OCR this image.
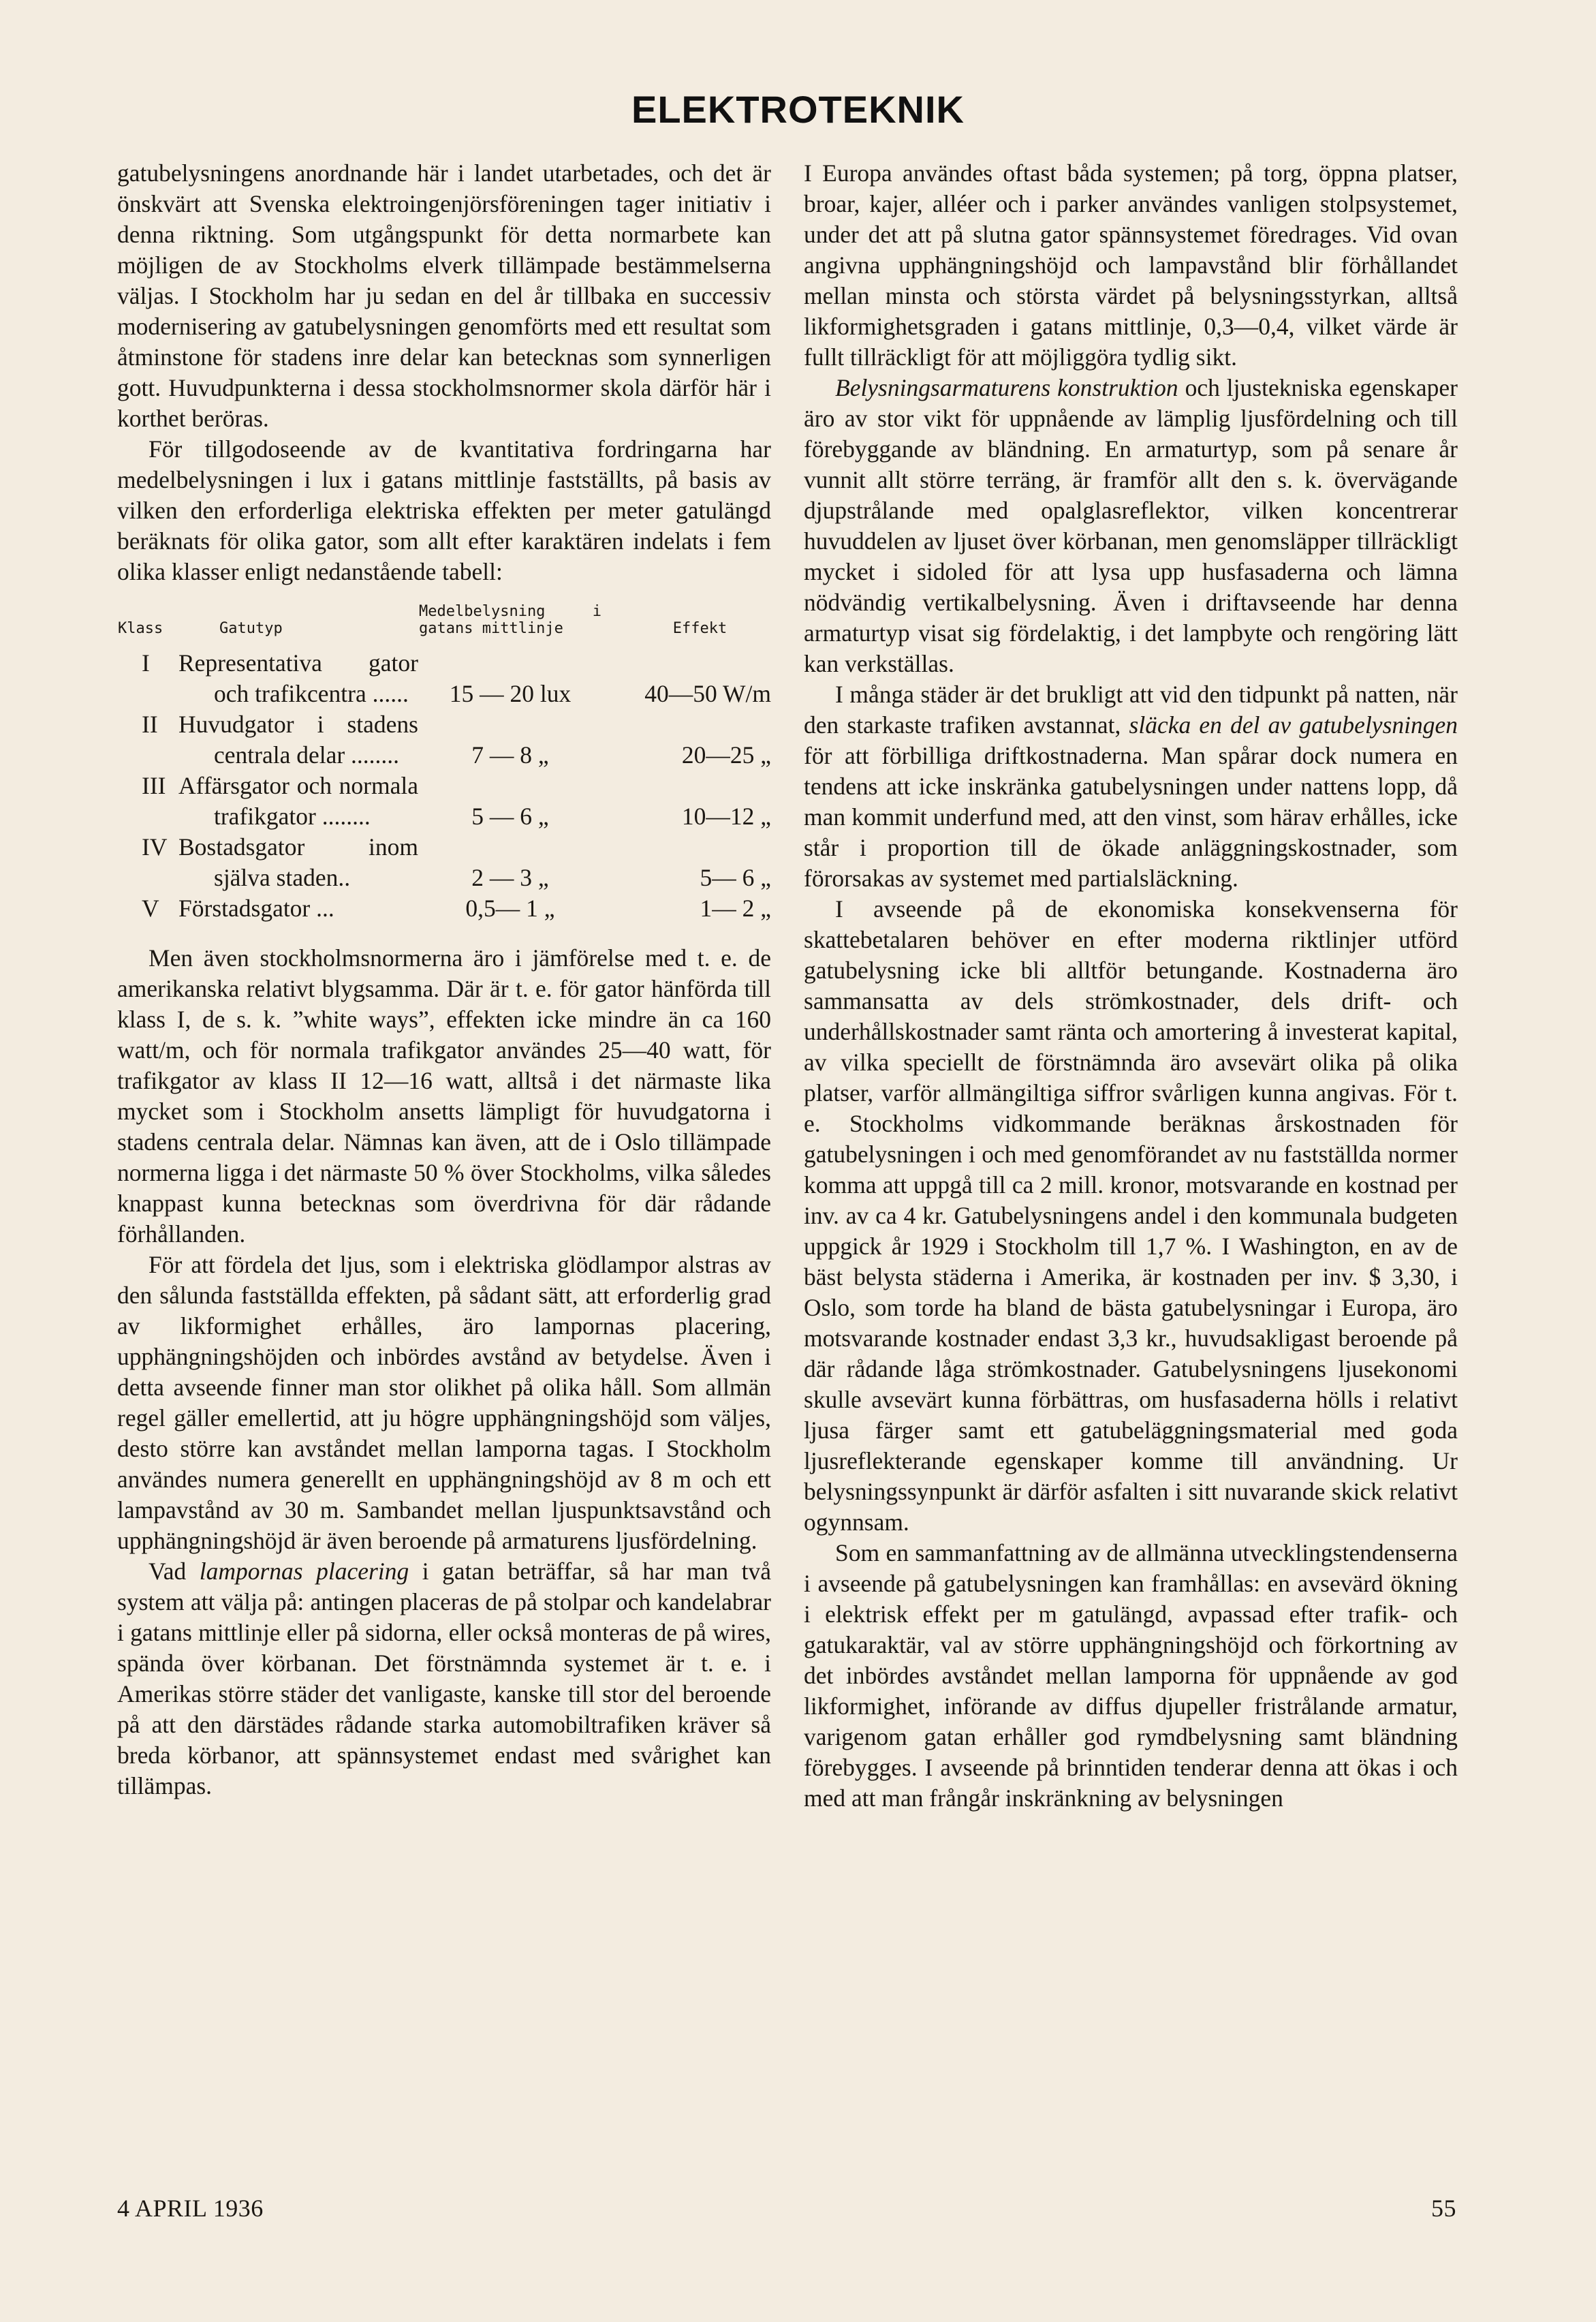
ELEKTROTEKNIK

gatubelysningens anordnande här i landet utarbetades, och det är önskvärt att Svenska elektroingenjörsföreningen tager initiativ i denna riktning. Som utgångspunkt för detta normarbete kan möjligen de av Stockholms elverk tillämpade bestämmelserna väljas. I Stockholm har ju sedan en del år tillbaka en successiv modernisering av gatubelysningen genomförts med ett resultat som åtminstone för stadens inre delar kan betecknas som synnerligen gott. Huvudpunkterna i dessa stockholmsnormer skola därför här i korthet beröras.

För tillgodoseende av de kvantitativa fordringarna har medelbelysningen i lux i gatans mittlinje fastställts, på basis av vilken den erforderliga elektriska effekten per meter gatulängd beräknats för olika gator, som allt efter karaktären indelats i fem olika klasser enligt nedanstående tabell:

Klass	Gatutyp	Medelbelysning i gatans mittlinje	Effekt
I	Representativa gator och trafikcentra ......	15 — 20 lux	40—50 W/m
II	Huvudgator i stadens centrala delar ........	7 — 8 „	20—25 „
III	Affärsgator och normala trafikgator ........	5 — 6 „	10—12 „
IV	Bostadsgator inom själva staden..	2 — 3 „	5— 6 „
V	Förstadsgator ...	0,5— 1 „	1— 2 „

Men även stockholmsnormerna äro i jämförelse med t. e. de amerikanska relativt blygsamma. Där är t. e. för gator hänförda till klass I, de s. k. ”white ways”, effekten icke mindre än ca 160 watt/m, och för normala trafikgator användes 25—40 watt, för trafikgator av klass II 12—16 watt, alltså i det närmaste lika mycket som i Stockholm ansetts lämpligt för huvudgatorna i stadens centrala delar. Nämnas kan även, att de i Oslo tillämpade normerna ligga i det närmaste 50 % över Stockholms, vilka således knappast kunna betecknas som överdrivna för där rådande förhållanden.

För att fördela det ljus, som i elektriska glödlampor alstras av den sålunda fastställda effekten, på sådant sätt, att erforderlig grad av likformighet erhålles, äro lampornas placering, upphängningshöjden och inbördes avstånd av betydelse. Även i detta avseende finner man stor olikhet på olika håll. Som allmän regel gäller emellertid, att ju högre upphängningshöjd som väljes, desto större kan avståndet mellan lamporna tagas. I Stockholm användes numera generellt en upphängningshöjd av 8 m och ett lampavstånd av 30 m. Sambandet mellan ljuspunktsavstånd och upphängningshöjd är även beroende på armaturens ljusfördelning.

Vad lampornas placering i gatan beträffar, så har man två system att välja på: antingen placeras de på stolpar och kandelabrar i gatans mittlinje eller på sidorna, eller också monteras de på wires, spända över körbanan. Det förstnämnda systemet är t. e. i Amerikas större städer det vanligaste, kanske till stor del beroende på att den därstädes rådande starka automobiltrafiken kräver så breda körbanor, att spännsystemet endast med svårighet kan tillämpas.

I Europa användes oftast båda systemen; på torg, öppna platser, broar, kajer, alléer och i parker användes vanligen stolpsystemet, under det att på slutna gator spännsystemet föredrages. Vid ovan angivna upphängningshöjd och lampavstånd blir förhållandet mellan minsta och största värdet på belysningsstyrkan, alltså likformighetsgraden i gatans mittlinje, 0,3—0,4, vilket värde är fullt tillräckligt för att möjliggöra tydlig sikt.

Belysningsarmaturens konstruktion och ljustekniska egenskaper äro av stor vikt för uppnående av lämplig ljusfördelning och till förebyggande av bländning. En armaturtyp, som på senare år vunnit allt större terräng, är framför allt den s. k. övervägande djupstrålande med opalglasreflektor, vilken koncentrerar huvuddelen av ljuset över körbanan, men genomsläpper tillräckligt mycket i sidoled för att lysa upp husfasaderna och lämna nödvändig vertikalbelysning. Även i driftavseende har denna armaturtyp visat sig fördelaktig, i det lampbyte och rengöring lätt kan verkställas.

I många städer är det brukligt att vid den tidpunkt på natten, när den starkaste trafiken avstannat, släcka en del av gatubelysningen för att förbilliga driftkostnaderna. Man spårar dock numera en tendens att icke inskränka gatubelysningen under nattens lopp, då man kommit underfund med, att den vinst, som härav erhålles, icke står i proportion till de ökade anläggningskostnader, som förorsakas av systemet med partialsläckning.

I avseende på de ekonomiska konsekvenserna för skattebetalaren behöver en efter moderna riktlinjer utförd gatubelysning icke bli alltför betungande. Kostnaderna äro sammansatta av dels strömkostnader, dels drift- och underhållskostnader samt ränta och amortering å investerat kapital, av vilka speciellt de förstnämnda äro avsevärt olika på olika platser, varför allmängiltiga siffror svårligen kunna angivas. För t. e. Stockholms vidkommande beräknas årskostnaden för gatubelysningen i och med genomförandet av nu fastställda normer komma att uppgå till ca 2 mill. kronor, motsvarande en kostnad per inv. av ca 4 kr. Gatubelysningens andel i den kommunala budgeten uppgick år 1929 i Stockholm till 1,7 %. I Washington, en av de bäst belysta städerna i Amerika, är kostnaden per inv. $ 3,30, i Oslo, som torde ha bland de bästa gatubelysningar i Europa, äro motsvarande kostnader endast 3,3 kr., huvudsakligast beroende på där rådande låga strömkostnader. Gatubelysningens ljusekonomi skulle avsevärt kunna förbättras, om husfasaderna hölls i relativt ljusa färger samt ett gatubeläggningsmaterial med goda ljusreflekterande egenskaper komme till användning. Ur belysningssynpunkt är därför asfalten i sitt nuvarande skick relativt ogynnsam.

Som en sammanfattning av de allmänna utvecklingstendenserna i avseende på gatubelysningen kan framhållas: en avsevärd ökning i elektrisk effekt per m gatulängd, avpassad efter trafik- och gatukaraktär, val av större upphängningshöjd och förkortning av det inbördes avståndet mellan lamporna för uppnående av god likformighet, införande av diffus djupeller fristrålande armatur, varigenom gatan erhåller god rymdbelysning samt bländning förebygges. I avseende på brinntiden tenderar denna att ökas i och med att man frångår inskränkning av belysningen

4 APRIL 1936	55
